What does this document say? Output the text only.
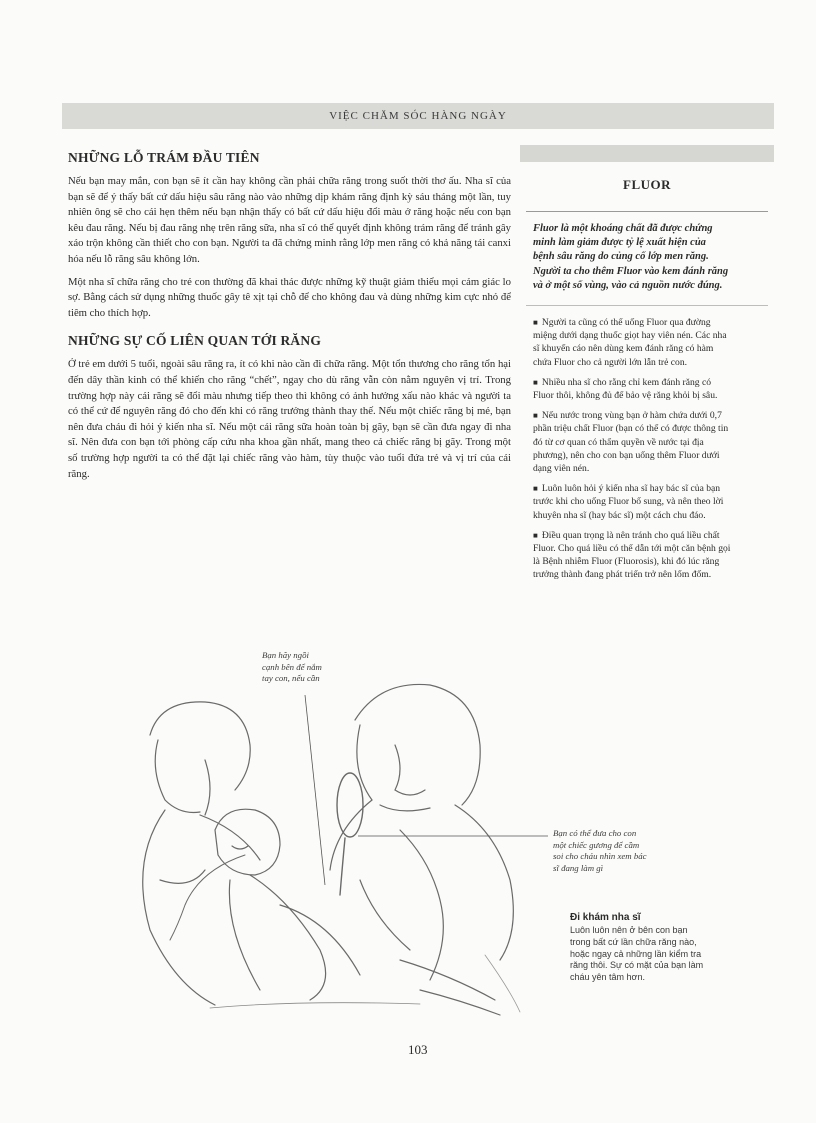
VIỆC CHĂM SÓC HÀNG NGÀY
NHỮNG LỖ TRÁM ĐẦU TIÊN

Nếu bạn may mắn, con bạn sẽ ít cần hay không cần phải chữa răng trong suốt thời thơ ấu. Nha sĩ của bạn sẽ để ý thấy bất cứ dấu hiệu sâu răng nào vào những dịp khám răng định kỳ sáu tháng một lần, tuy nhiên ông sẽ cho cái hẹn thêm nếu bạn nhận thấy có bất cứ dấu hiệu đổi màu ở răng hoặc nếu con bạn kêu đau răng. Nếu bị đau răng nhẹ trên răng sữa, nha sĩ có thể quyết định không trám răng để tránh gây xáo trộn không cần thiết cho con bạn. Người ta đã chứng minh rằng lớp men răng có khả năng tái canxi hóa nếu lỗ răng sâu không lớn.

Một nha sĩ chữa răng cho trẻ con thường đã khai thác được những kỹ thuật giảm thiểu mọi cảm giác lo sợ. Bằng cách sử dụng những thuốc gây tê xịt tại chỗ để cho không đau và dùng những kim cực nhỏ để tiêm cho thích hợp.

NHỮNG SỰ CỐ LIÊN QUAN TỚI RĂNG

Ở trẻ em dưới 5 tuổi, ngoài sâu răng ra, ít có khi nào cần đi chữa răng. Một tổn thương cho răng tổn hại đến dây thần kinh có thể khiến cho răng “chết”, ngay cho dù răng vẫn còn nằm nguyên vị trí. Trong trường hợp này cái răng sẽ đổi màu nhưng tiếp theo thì không có ảnh hưởng xấu nào khác và người ta có thể cứ để nguyên răng đó cho đến khi có răng trưởng thành thay thế. Nếu một chiếc răng bị mẻ, bạn nên đưa cháu đi hỏi ý kiến nha sĩ. Nếu một cái răng sữa hoàn toàn bị gãy, bạn sẽ cần đưa ngay đi nha sĩ. Nên đưa con bạn tới phòng cấp cứu nha khoa gần nhất, mang theo cả chiếc răng bị gãy. Trong một số trường hợp người ta có thể đặt lại chiếc răng vào hàm, tùy thuộc vào tuổi đứa trẻ và vị trí của cái răng.

FLUOR

Fluor là một khoáng chất đã được chứng minh làm giảm được tỷ lệ xuất hiện của bệnh sâu răng do củng cố lớp men răng. Người ta cho thêm Fluor vào kem đánh răng và ở một số vùng, vào cả nguồn nước đúng.

■ Người ta cũng có thể uống Fluor qua đường miệng dưới dạng thuốc giọt hay viên nén. Các nha sĩ khuyến cáo nên dùng kem đánh răng có hàm chứa Fluor cho cả người lớn lẫn trẻ con.

■ Nhiều nha sĩ cho rằng chỉ kem đánh răng có Fluor thôi, không đủ để bảo vệ răng khỏi bị sâu.

■ Nếu nước trong vùng bạn ở hàm chứa dưới 0,7 phần triệu chất Fluor (bạn có thể có được thông tin đó từ cơ quan có thẩm quyền về nước tại địa phương), nên cho con bạn uống thêm Fluor dưới dạng viên nén.

■ Luôn luôn hỏi ý kiến nha sĩ hay bác sĩ của bạn trước khi cho uống Fluor bổ sung, và nên theo lời khuyên nha sĩ (hay bác sĩ) một cách chu đáo.

■ Điều quan trọng là nên tránh cho quá liều chất Fluor. Cho quá liều có thể dẫn tới một căn bệnh gọi là Bệnh nhiễm Fluor (Fluorosis), khi đó lúc răng trưởng thành đang phát triển trở nên lốm đốm.

Bạn hãy ngồi
cạnh bên để nắm
tay con, nếu cần
Bạn có thể đưa cho con
một chiếc gương để cầm
soi cho cháu nhìn xem bác
sĩ đang làm gì
Đi khám nha sĩ
Luôn luôn nên ở bên con bạn
trong bất cứ lần chữa răng nào,
hoặc ngay cả những lần kiểm tra
răng thôi. Sự có mặt của bạn làm
cháu yên tâm hơn.
103
